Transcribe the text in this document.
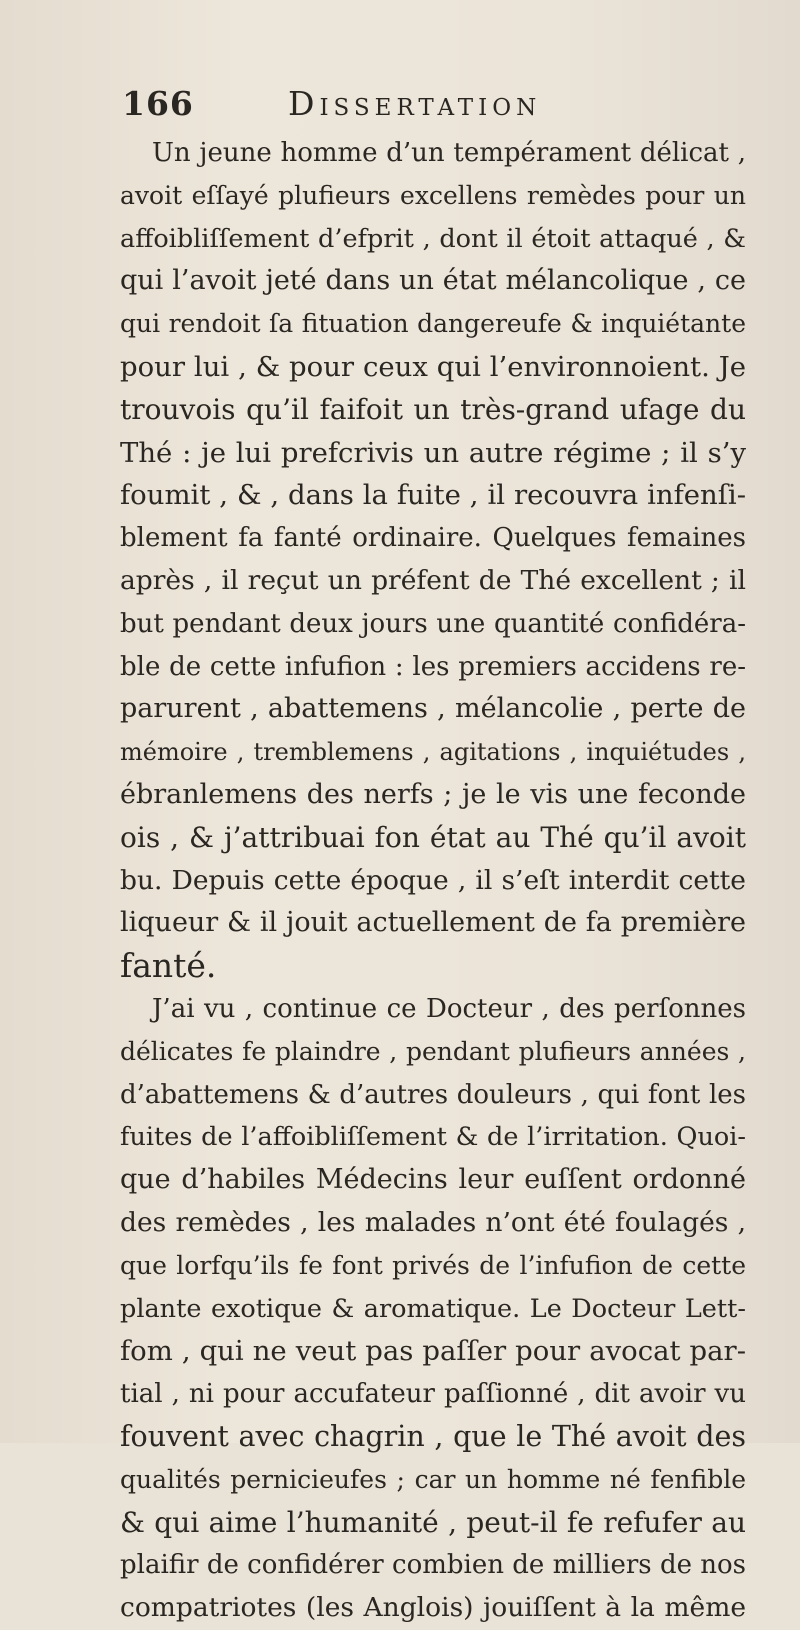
166	Dissertation
Un jeune homme d’un tempérament délicat ,
avoit eſſayé plufieurs excellens remèdes pour un
affoibliſſement d’efprit , dont il étoit attaqué , &
qui l’avoit jeté dans un état mélancolique , ce
qui rendoit ſa fituation dangereufe & inquiétante
pour lui , & pour ceux qui l’environnoient. Je
trouvois qu’il faifoit un très-grand ufage du
Thé : je lui prefcrivis un autre régime ; il s’y
foumit , & , dans la fuite , il recouvra infenſi-
blement fa fanté ordinaire. Quelques femaines
après , il reçut un préfent de Thé excellent ; il
but pendant deux jours une quantité confidéra-
ble de cette infufion : les premiers accidens re-
parurent , abattemens , mélancolie , perte de
mémoire , tremblemens , agitations , inquiétudes ,
ébranlemens des nerfs ; je le vis une feconde
ois , & j’attribuai fon état au Thé qu’il avoit
bu. Depuis cette époque , il s’eſt interdit cette
liqueur & il jouit actuellement de fa première
fanté.
J’ai vu , continue ce Docteur , des perſonnes
délicates fe plaindre , pendant plufieurs années ,
d’abattemens & d’autres douleurs , qui font les
fuites de l’affoibliſſement & de l’irritation. Quoi-
que d’habiles Médecins leur euſſent ordonné
des remèdes , les malades n’ont été foulagés ,
que lorfqu’ils fe font privés de l’infufion de cette
plante exotique & aromatique. Le Docteur Lett-
fom , qui ne veut pas paſſer pour avocat par-
tial , ni pour accufateur paſſionné , dit avoir vu
fouvent avec chagrin , que le Thé avoit des
qualités pernicieufes ; car un homme né fenfible
& qui aime l’humanité , peut-il fe refufer au
plaifir de confidérer combien de milliers de nos
compatriotes (les Anglois) jouiſſent à la même
